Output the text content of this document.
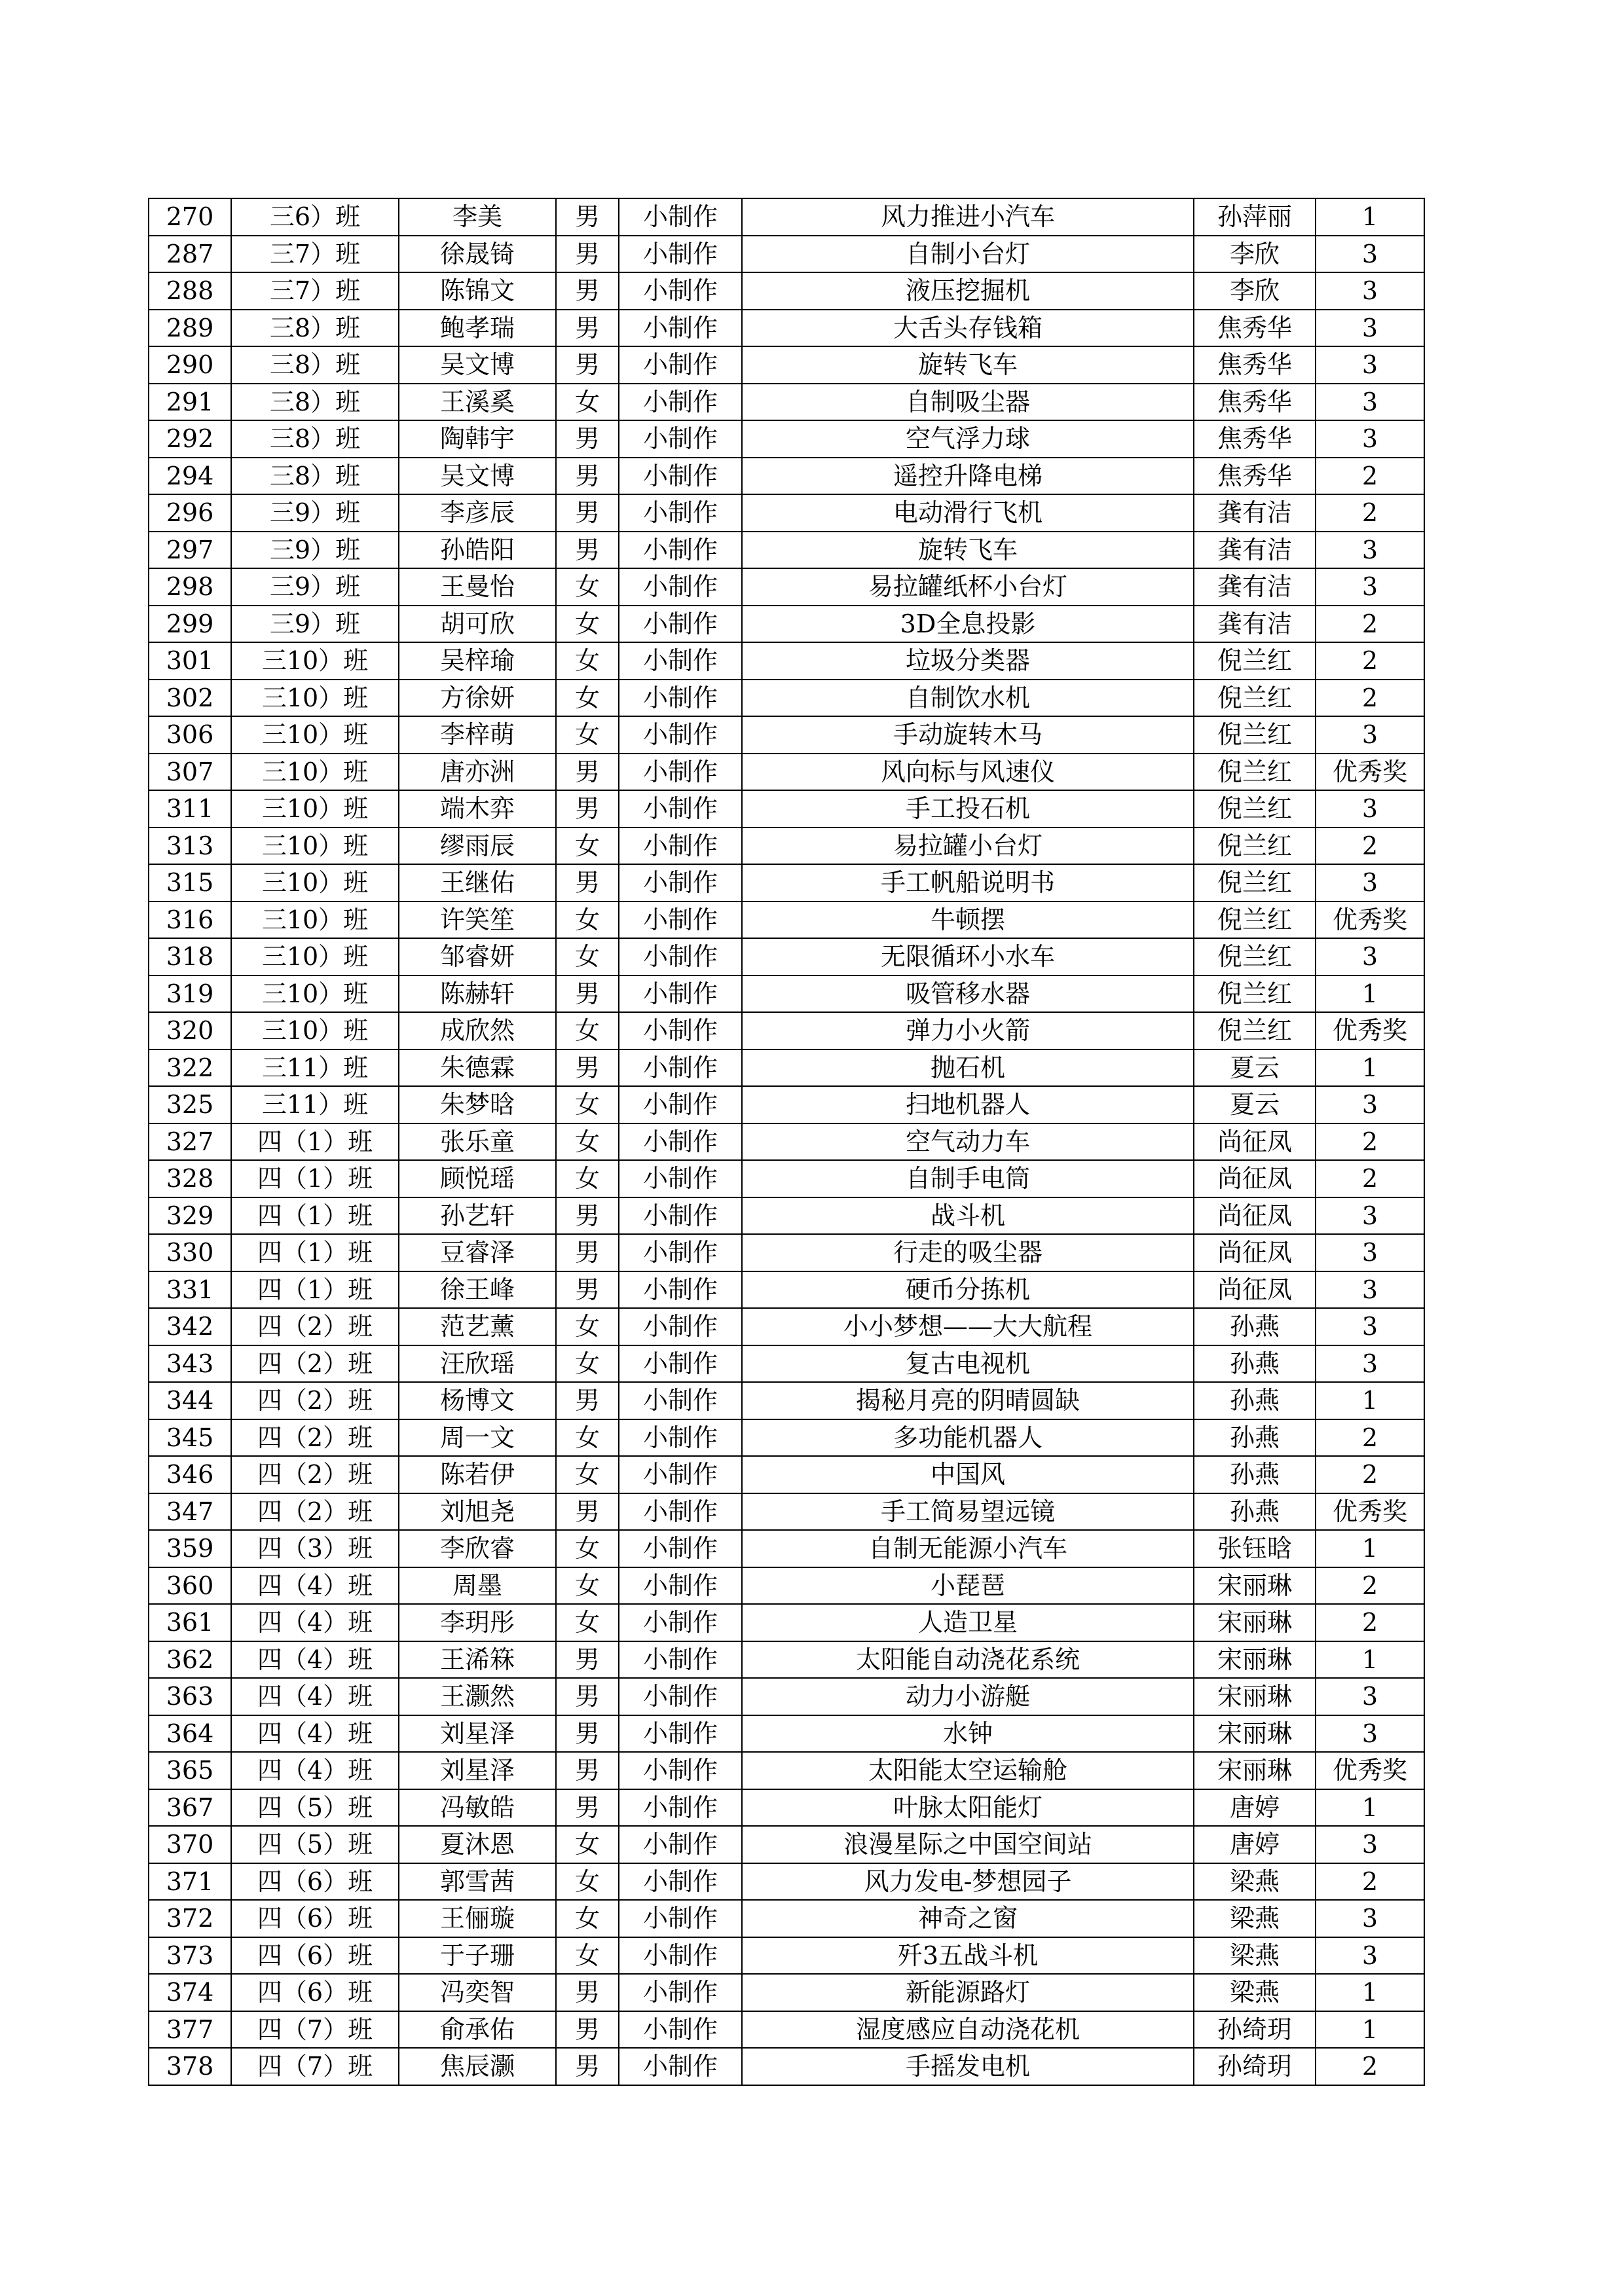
270	三6）班	李美	男	小制作	风力推进小汽车	孙萍丽	1
287	三7）班	徐晟锜	男	小制作	自制小台灯	李欣	3
288	三7）班	陈锦文	男	小制作	液压挖掘机	李欣	3
289	三8）班	鲍孝瑞	男	小制作	大舌头存钱箱	焦秀华	3
290	三8）班	吴文博	男	小制作	旋转飞车	焦秀华	3
291	三8）班	王溪奚	女	小制作	自制吸尘器	焦秀华	3
292	三8）班	陶韩宇	男	小制作	空气浮力球	焦秀华	3
294	三8）班	吴文博	男	小制作	遥控升降电梯	焦秀华	2
296	三9）班	李彦辰	男	小制作	电动滑行飞机	龚有洁	2
297	三9）班	孙皓阳	男	小制作	旋转飞车	龚有洁	3
298	三9）班	王曼怡	女	小制作	易拉罐纸杯小台灯	龚有洁	3
299	三9）班	胡可欣	女	小制作	3D全息投影	龚有洁	2
301	三10）班	吴梓瑜	女	小制作	垃圾分类器	倪兰红	2
302	三10）班	方徐妍	女	小制作	自制饮水机	倪兰红	2
306	三10）班	李梓萌	女	小制作	手动旋转木马	倪兰红	3
307	三10）班	唐亦洲	男	小制作	风向标与风速仪	倪兰红	优秀奖
311	三10）班	端木弈	男	小制作	手工投石机	倪兰红	3
313	三10）班	缪雨辰	女	小制作	易拉罐小台灯	倪兰红	2
315	三10）班	王继佑	男	小制作	手工帆船说明书	倪兰红	3
316	三10）班	许笑笙	女	小制作	牛顿摆	倪兰红	优秀奖
318	三10）班	邹睿妍	女	小制作	无限循环小水车	倪兰红	3
319	三10）班	陈赫轩	男	小制作	吸管移水器	倪兰红	1
320	三10）班	成欣然	女	小制作	弹力小火箭	倪兰红	优秀奖
322	三11）班	朱德霖	男	小制作	抛石机	夏云	1
325	三11）班	朱梦晗	女	小制作	扫地机器人	夏云	3
327	四（1）班	张乐童	女	小制作	空气动力车	尚征凤	2
328	四（1）班	顾悦瑶	女	小制作	自制手电筒	尚征凤	2
329	四（1）班	孙艺轩	男	小制作	战斗机	尚征凤	3
330	四（1）班	豆睿泽	男	小制作	行走的吸尘器	尚征凤	3
331	四（1）班	徐王峰	男	小制作	硬币分拣机	尚征凤	3
342	四（2）班	范艺薰	女	小制作	小小梦想——大大航程	孙燕	3
343	四（2）班	汪欣瑶	女	小制作	复古电视机	孙燕	3
344	四（2）班	杨博文	男	小制作	揭秘月亮的阴晴圆缺	孙燕	1
345	四（2）班	周一文	女	小制作	多功能机器人	孙燕	2
346	四（2）班	陈若伊	女	小制作	中国风	孙燕	2
347	四（2）班	刘旭尧	男	小制作	手工简易望远镜	孙燕	优秀奖
359	四（3）班	李欣睿	女	小制作	自制无能源小汽车	张钰晗	1
360	四（4）班	周墨	女	小制作	小琵琶	宋丽琳	2
361	四（4）班	李玥彤	女	小制作	人造卫星	宋丽琳	2
362	四（4）班	王浠箖	男	小制作	太阳能自动浇花系统	宋丽琳	1
363	四（4）班	王灏然	男	小制作	动力小游艇	宋丽琳	3
364	四（4）班	刘星泽	男	小制作	水钟	宋丽琳	3
365	四（4）班	刘星泽	男	小制作	太阳能太空运输舱	宋丽琳	优秀奖
367	四（5）班	冯敏皓	男	小制作	叶脉太阳能灯	唐婷	1
370	四（5）班	夏沐恩	女	小制作	浪漫星际之中国空间站	唐婷	3
371	四（6）班	郭雪茜	女	小制作	风力发电-梦想园子	梁燕	2
372	四（6）班	王俪璇	女	小制作	神奇之窗	梁燕	3
373	四（6）班	于子珊	女	小制作	歼3五战斗机	梁燕	3
374	四（6）班	冯奕智	男	小制作	新能源路灯	梁燕	1
377	四（7）班	俞承佑	男	小制作	湿度感应自动浇花机	孙绮玥	1
378	四（7）班	焦辰灏	男	小制作	手摇发电机	孙绮玥	2
